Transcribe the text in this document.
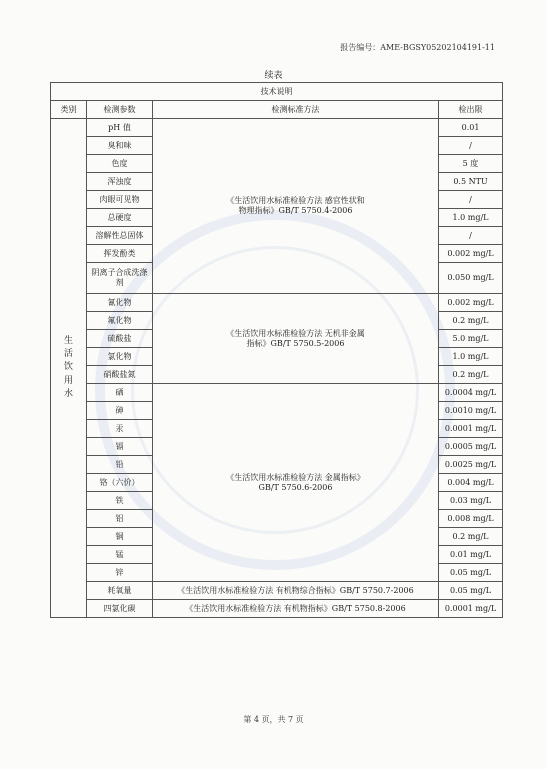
报告编号：AME-BGSY05202104191-11
续表
技术说明			
类别	检测参数	检测标准方法	检出限
生活饮用水	pH 值	《生活饮用水标准检验方法 感官性状和物理指标》GB/T 5750.4-2006	0.01
	臭和味		/
	色度		5 度
	浑浊度		0.5 NTU
	肉眼可见物		/
	总硬度		1.0 mg/L
	溶解性总固体		/
	挥发酚类		0.002 mg/L
	阴离子合成洗涤剂		0.050 mg/L
	氰化物	《生活饮用水标准检验方法 无机非金属指标》GB/T 5750.5-2006	0.002 mg/L
	氟化物		0.2 mg/L
	硫酸盐		5.0 mg/L
	氯化物		1.0 mg/L
	硝酸盐氮		0.2 mg/L
	硒	《生活饮用水标准检验方法 金属指标》GB/T 5750.6-2006	0.0004 mg/L
	砷		0.0010 mg/L
	汞		0.0001 mg/L
	镉		0.0005 mg/L
	铅		0.0025 mg/L
	铬（六价）		0.004 mg/L
	铁		0.03 mg/L
	铝		0.008 mg/L
	铜		0.2 mg/L
	锰		0.01 mg/L
	锌		0.05 mg/L
	耗氧量	《生活饮用水标准检验方法 有机物综合指标》GB/T 5750.7-2006	0.05 mg/L
	四氯化碳	《生活饮用水标准检验方法 有机物指标》GB/T 5750.8-2006	0.0001 mg/L
第 4 页，共 7 页
